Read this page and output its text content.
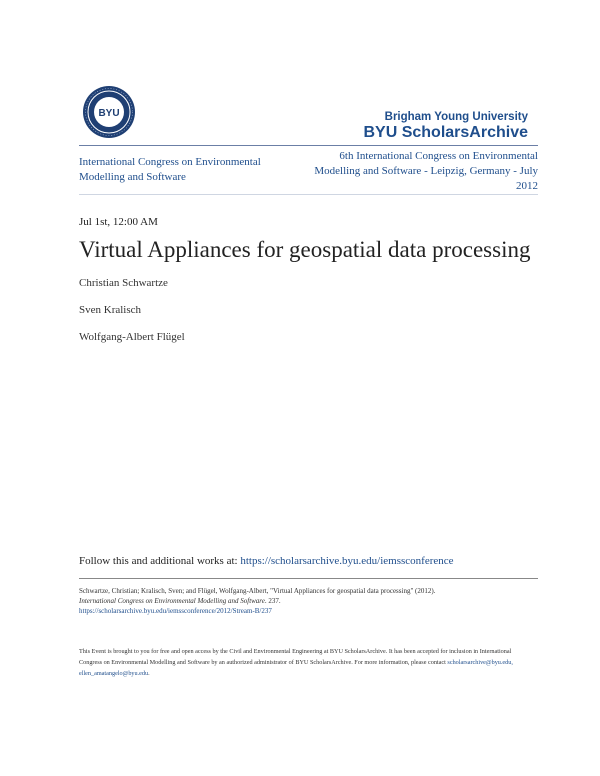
BYU	Brigham Young University
BYU ScholarsArchive
International Congress on Environmental Modelling and Software
6th International Congress on Environmental Modelling and Software - Leipzig, Germany - July 2012
Jul 1st, 12:00 AM
Virtual Appliances for geospatial data processing
Christian Schwartze
Sven Kralisch
Wolfgang-Albert Flügel
Follow this and additional works at: https://scholarsarchive.byu.edu/iemssconference
Schwartze, Christian; Kralisch, Sven; and Flügel, Wolfgang-Albert, "Virtual Appliances for geospatial data processing" (2012).
International Congress on Environmental Modelling and Software. 237.
https://scholarsarchive.byu.edu/iemssconference/2012/Stream-B/237
This Event is brought to you for free and open access by the Civil and Environmental Engineering at BYU ScholarsArchive. It has been accepted for inclusion in International Congress on Environmental Modelling and Software by an authorized administrator of BYU ScholarsArchive. For more information, please contact scholarsarchive@byu.edu, ellen_amatangelo@byu.edu.
